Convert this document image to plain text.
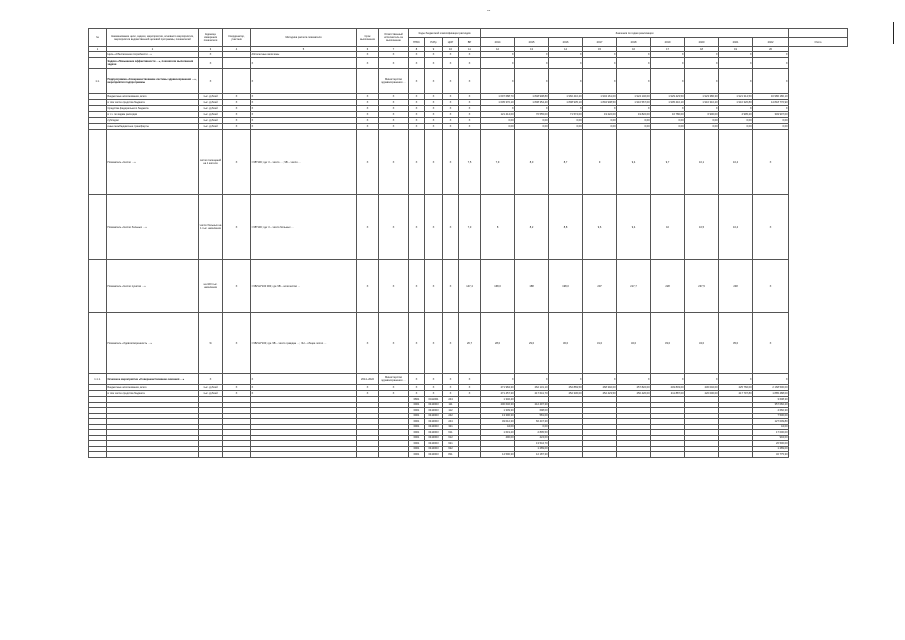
--
№	Наименование цели, задачи, мероприятия, основного мероприятия, мероприятия ведомственной целевой программы, показателей	Единица измерения показателя	Координатор, участник	Методика расчета показателя	Срок выполнения	Ответственный исполнитель за выполнение	Коды бюджетной классификации расходов				Значения по годам реализации									
							ГРБС	РзПр	ЦСР	ВР	2014	2015	2016	2017	2018	2019	2020	2021	2022	Итого
1	2	3	4	5	6	7	8	9	10	11	12	13	14	15	16	17	18	19	20	
	Цель «Обеспечение потребности…»	Х		Абсолютные величины	Х	Х	Х	Х	Х	Х	Х	Х	Х	Х	Х	Х	Х	Х	Х	
	Задача «Повышение эффективности …», показатели выполнения задачи	Х		Х	Х	Х	Х	Х	Х	Х	Х	Х	Х	Х	Х	Х	Х	Х	Х	
1.1.	Подпрограмма «Совершенствование системы здравоохранения …», мероприятия подпрограммы	Х		Х		Министерство здравоохранения …	Х	Х	Х	Х	Х	Х	Х	Х	Х	Х	Х	Х	Х	
	Бюджетные ассигнования, всего	тыс. рублей	Х	Х	Х	Х	Х	Х	Х	Х	1 697 688,70	1 848 908,80	1 960 410,20	1 904 161,00	1 924 146,00	1 929 423,50	1 923 386,30	1 921 314,50	16 986 180,10	
	в том числе средства бюджета	тыс. рублей	Х	Х	Х	Х	Х	Х	Х	Х	1 605 370,10	1 808 354,40	1 898 935,10	1 894 908,50	1 910 567,00	1 905 410,10	1 910 310,20	1 910 326,80	14 818 776,90	
	Средства федерального бюджета	тыс. рублей	Х	Х	Х	Х	Х	Х	Х	Х	Х	Х	Х	Х	Х	Х	Х	Х	Х	
	в т.ч. по видам расходов	тыс. рублей	Х	Х	Х	Х	Х	Х	Х	Х	121 414,00	70 555,00	71 574,00	19 222,00	19 822,00	16 780,00	6 900,00	4 995,20	349 907,00	
	субсидии	тыс. рублей	Х	Х	Х	Х	Х	Х	Х	Х	0,00	0,00	0,00	0,00	0,00	0,00	0,00	0,00	0,00	
	иные межбюджетные трансферты	тыс. рублей	Х	Х	Х	Х	Х	Х	Х	Х	0,00	0,00	0,00	0,00	0,00	0,00	0,00	0,00	0,00	
	Показатель «Число …»	число посещений на 1 жителя	Х	=ЧВ*100; где Ч – число …; ЧВ – число …	Х	Х	Х	Х	Х	7,5	7,9	8,0	8,7	9	9,4	9,7	10,1	10,4	Х	
	Показатель «Число больных …»	число больных на 1 тыс. населения	Х	=ЧВ*100; где Ч – число больных …	Х	Х	Х	Х	Х	7,3	8	8,2	8,8	9,6	9,4	10	10,5	10,4	Х	
	Показатель «Число пунктов …»	на 100 тыс. населения	Х	=ЧВ/ЧН*100 000; где ЧВ – количество …	Х	Х	Х	Х	Х	147,4	168,0	188	198,0	207	217,7	228	237,5	248	Х	
	Показатель «Удовлетворенность …»	%	Х	=ЧВ/ЧН*100; где ЧВ – число граждан …; ЧН – общее число …	Х	Х	Х	Х	Х	26,7	28,0	29,0	30,0	31,0	32,0	33,0	34,0	35,0	Х	
1.1.1.	Основное мероприятие «Совершенствование оказания …»	Х		Х	2014–2022	Министерство здравоохранения …	Х	Х	Х	Х	Х	Х	Х	Х	Х	Х	Х	Х	Х	
	Бюджетные ассигнования, всего	тыс. рублей	Х	Х	Х	Х	Х	Х	Х	Х	271 984,30	262 131,10	252 869,50	268 392,00	257 822,00	249 803,00	230 002,00	225 766,00	2 168 500,00	
	в том числе средства бюджета	тыс. рублей	Х	Х	Х	Х	Х	Х	Х	Х	271 457,30	217 641,70	252 336,00	252 423,50	250 426,00	211 887,00	220 000,00	217 797,80	1 885 488,00	
							0801	0411001	244		1 346,40								3 608,30	
							0901	0410003	111		200 646,30	212 497,30							357 082,20	
							0901	0410003	112		1 309,30	698,00							4 660,30	
							0901	0410003	242		13 396,30	581,00							7 500,00	
							0901	0410003	244		49 012,30	66 447,30							127 009,80	
							0901	0410003	321		44,00	0,00							44,00	
							0901	0410003	611		1 619,20	2 895,50							17 000,00	
							0901	0410003	612		490,00	424,00							994,00	
							0901	0410003	621			13 544,70							26 500,00	
							0901	0410003	622			1 289,00							1 289,00	
							0901	0410003	811		14 590,30	12 187,30							32 775,30	
